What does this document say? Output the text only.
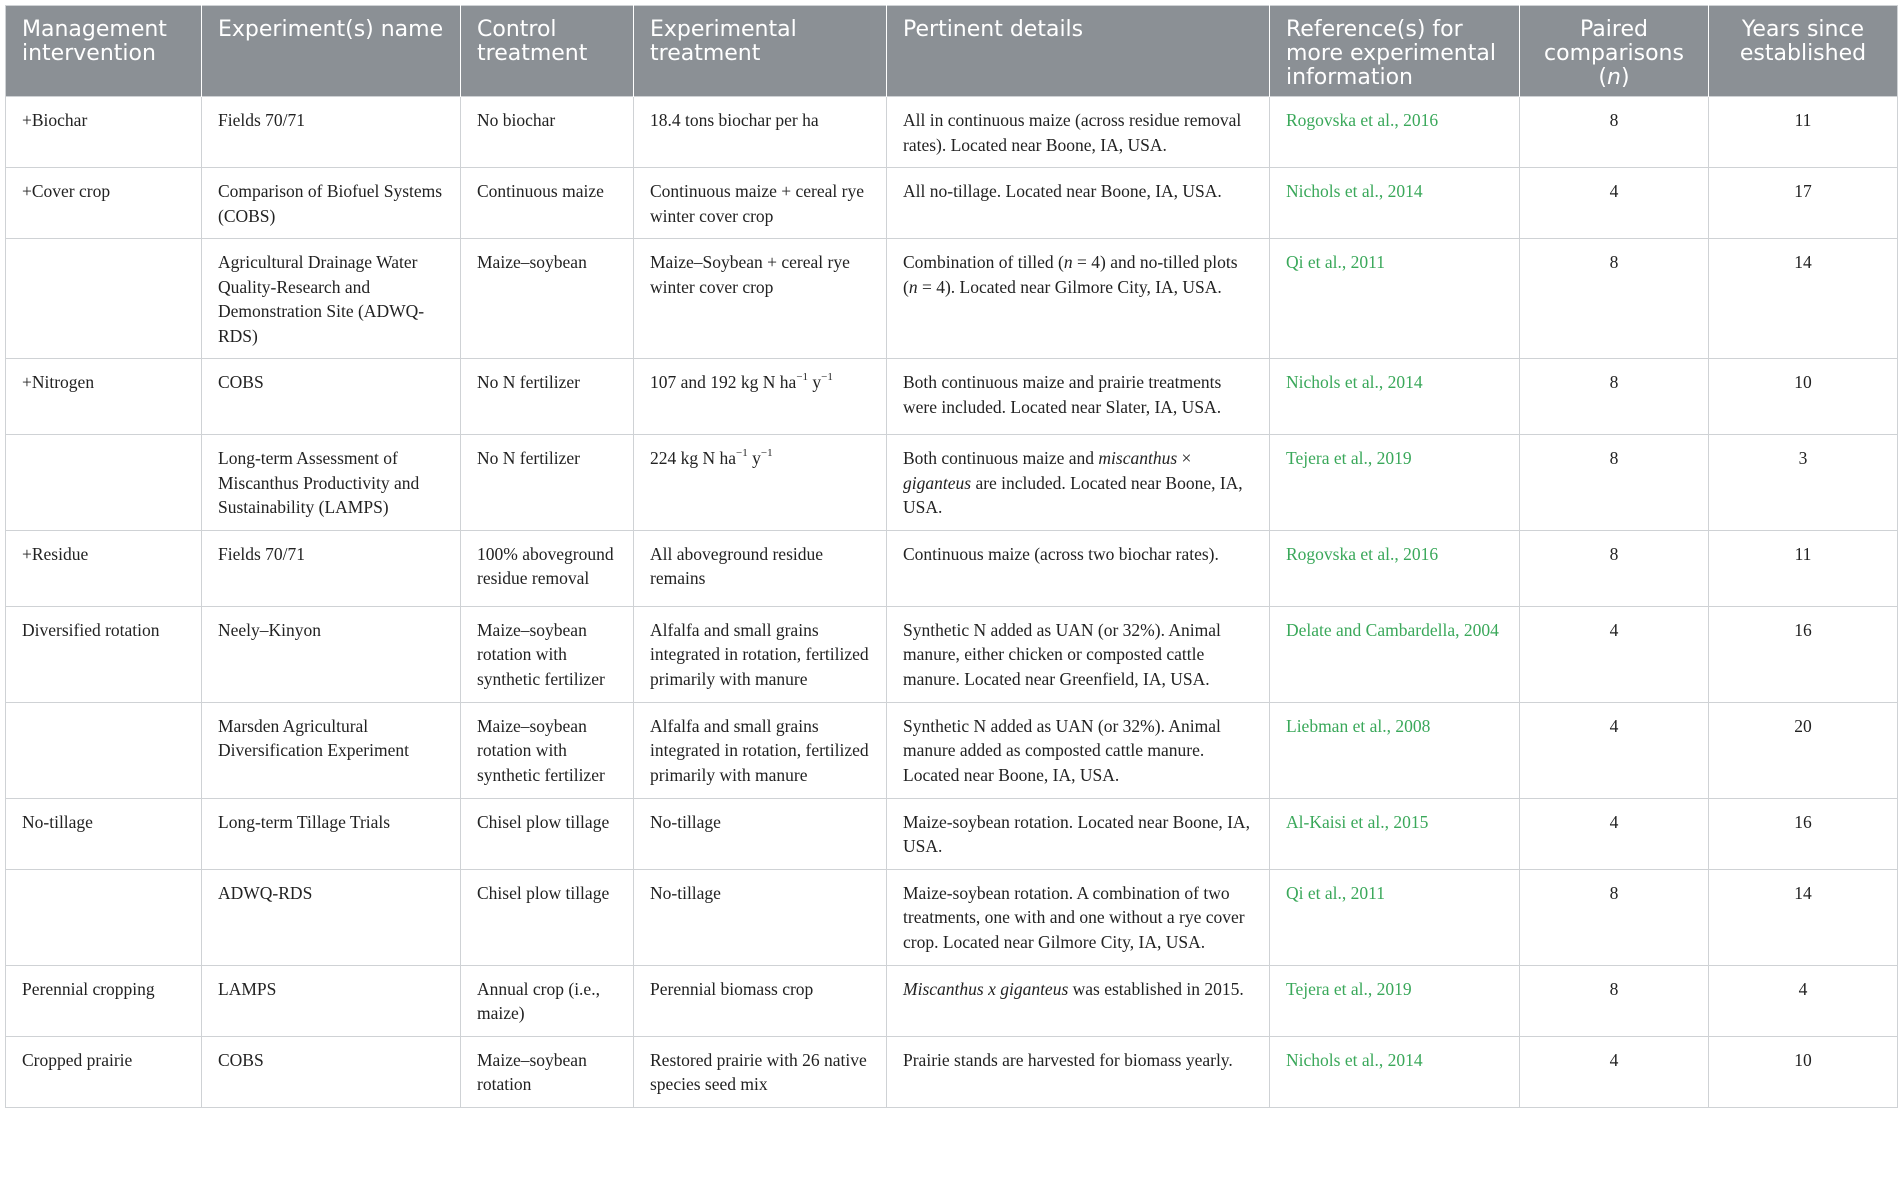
Management intervention	Experiment(s) name	Control treatment	Experimental treatment	Pertinent details	Reference(s) for more experimental information	Paired comparisons (n)	Years since established
+Biochar	Fields 70/71	No biochar	18.4 tons biochar per ha	All in continuous maize (across residue removal rates). Located near Boone, IA, USA.	Rogovska et al., 2016	8	11
+Cover crop	Comparison of Biofuel Systems (COBS)	Continuous maize	Continuous maize + cereal rye winter cover crop	All no-tillage. Located near Boone, IA, USA.	Nichols et al., 2014	4	17
	Agricultural Drainage Water Quality-Research and Demonstration Site (ADWQ-RDS)	Maize–soybean	Maize–Soybean + cereal rye winter cover crop	Combination of tilled (n = 4) and no-tilled plots (n = 4). Located near Gilmore City, IA, USA.	Qi et al., 2011	8	14
+Nitrogen	COBS	No N fertilizer	107 and 192 kg N $ha^{-1}$ $y^{-1}$	Both continuous maize and prairie treatments were included. Located near Slater, IA, USA.	Nichols et al., 2014	8	10
	Long-term Assessment of Miscanthus Productivity and Sustainability (LAMPS)	No N fertilizer	224 kg N $ha^{-1}$ $y^{-1}$	Both continuous maize and miscanthus × giganteus are included. Located near Boone, IA, USA.	Tejera et al., 2019	8	3
+Residue	Fields 70/71	100% aboveground residue removal	All aboveground residue remains	Continuous maize (across two biochar rates).	Rogovska et al., 2016	8	11
Diversified rotation	Neely–Kinyon	Maize–soybean rotation with synthetic fertilizer	Alfalfa and small grains integrated in rotation, fertilized primarily with manure	Synthetic N added as UAN (or 32%). Animal manure, either chicken or composted cattle manure. Located near Greenfield, IA, USA.	Delate and Cambardella, 2004	4	16
	Marsden Agricultural Diversification Experiment	Maize–soybean rotation with synthetic fertilizer	Alfalfa and small grains integrated in rotation, fertilized primarily with manure	Synthetic N added as UAN (or 32%). Animal manure added as composted cattle manure. Located near Boone, IA, USA.	Liebman et al., 2008	4	20
No-tillage	Long-term Tillage Trials	Chisel plow tillage	No-tillage	Maize-soybean rotation. Located near Boone, IA, USA.	Al-Kaisi et al., 2015	4	16
	ADWQ-RDS	Chisel plow tillage	No-tillage	Maize-soybean rotation. A combination of two treatments, one with and one without a rye cover crop. Located near Gilmore City, IA, USA.	Qi et al., 2011	8	14
Perennial cropping	LAMPS	Annual crop (i.e., maize)	Perennial biomass crop	Miscanthus x giganteus was established in 2015.	Tejera et al., 2019	8	4
Cropped prairie	COBS	Maize–soybean rotation	Restored prairie with 26 native species seed mix	Prairie stands are harvested for biomass yearly.	Nichols et al., 2014	4	10
